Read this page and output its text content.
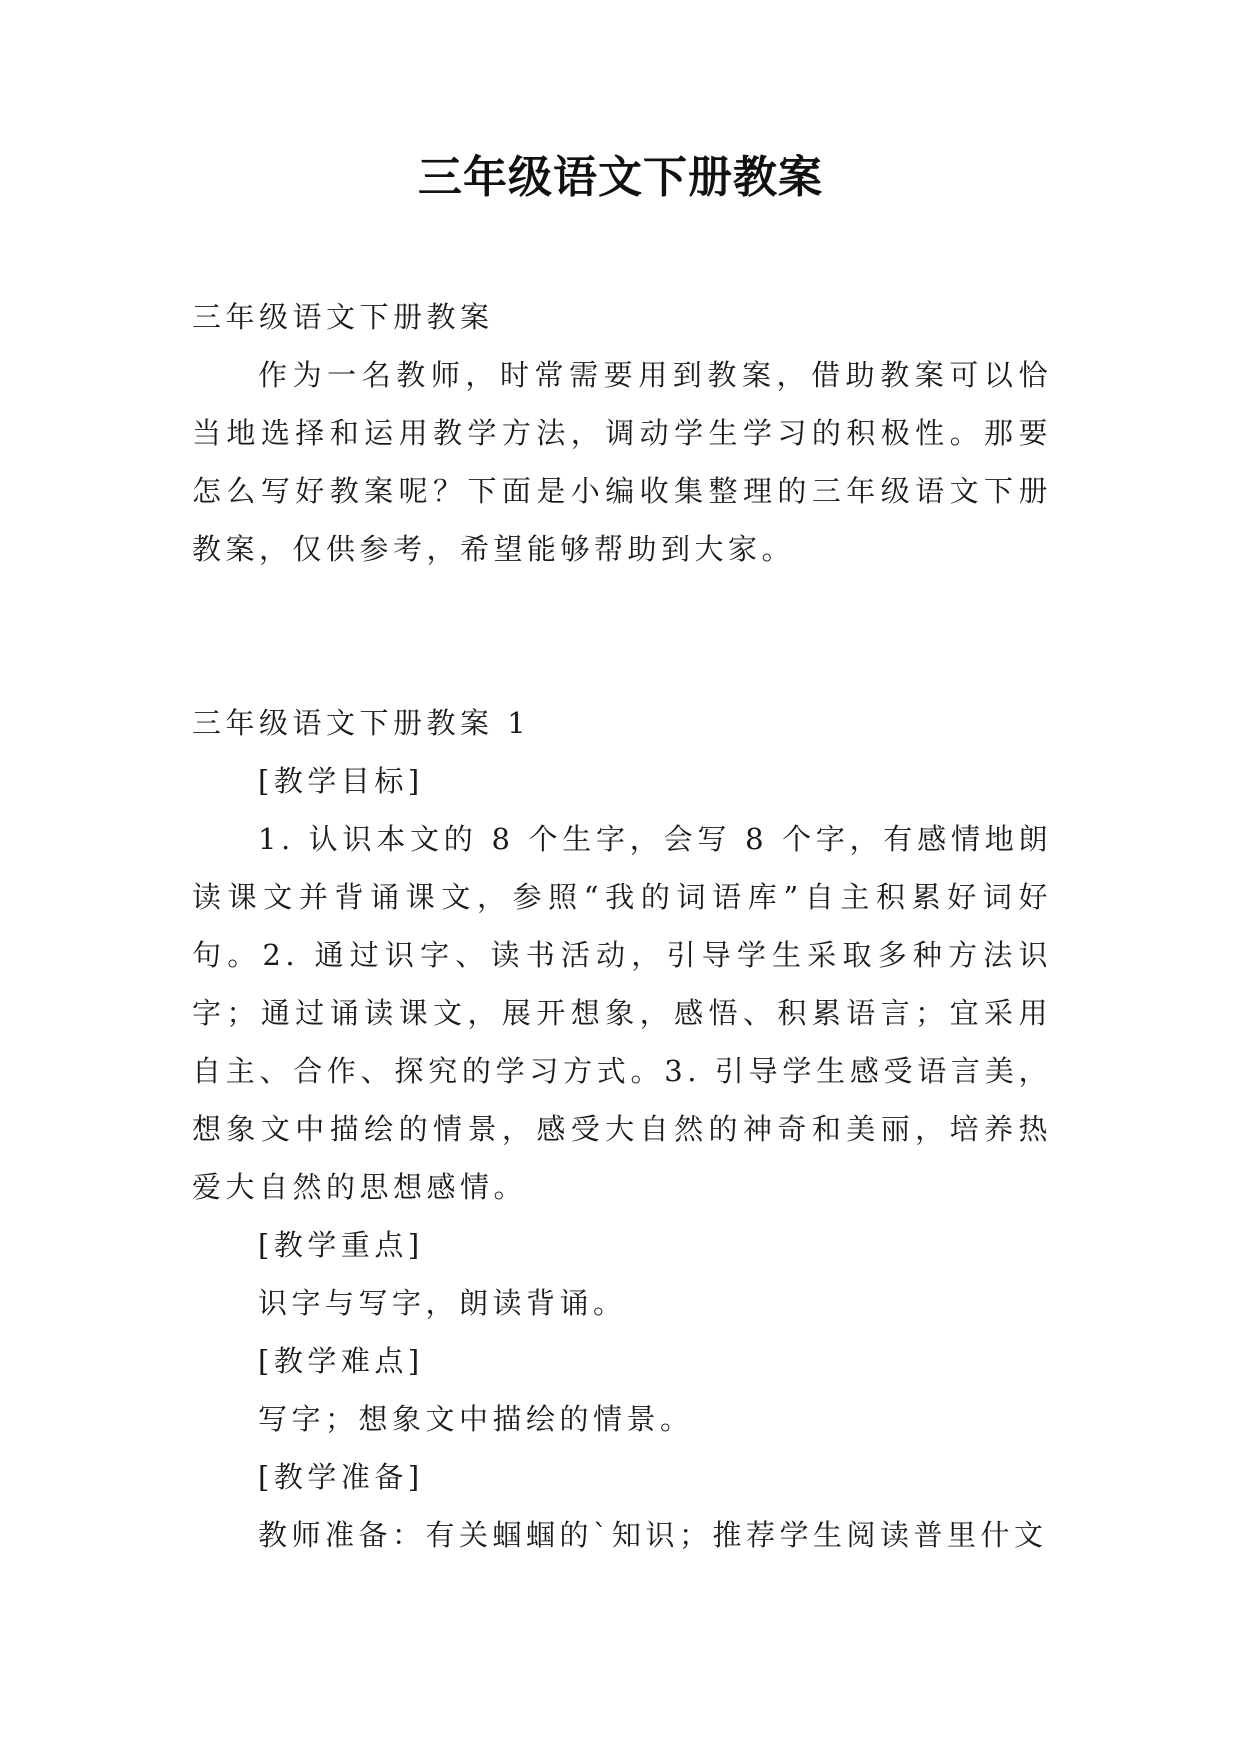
三年级语文下册教案

三年级语文下册教案

作为一名教师，时常需要用到教案，借助教案可以恰当地选择和运用教学方法，调动学生学习的积极性。那要怎么写好教案呢？下面是小编收集整理的三年级语文下册教案，仅供参考，希望能够帮助到大家。

三年级语文下册教案 1

[教学目标]

1. 认识本文的 8 个生字，会写 8 个字，有感情地朗读课文并背诵课文，参照“我的词语库”自主积累好词好句。2. 通过识字、读书活动，引导学生采取多种方法识字；通过诵读课文，展开想象，感悟、积累语言；宜采用自主、合作、探究的学习方式。3. 引导学生感受语言美，想象文中描绘的情景，感受大自然的神奇和美丽，培养热爱大自然的思想感情。

[教学重点]

识字与写字，朗读背诵。

[教学难点]

写字；想象文中描绘的情景。

[教学准备]

教师准备：有关蝈蝈的`知识；推荐学生阅读普里什文
